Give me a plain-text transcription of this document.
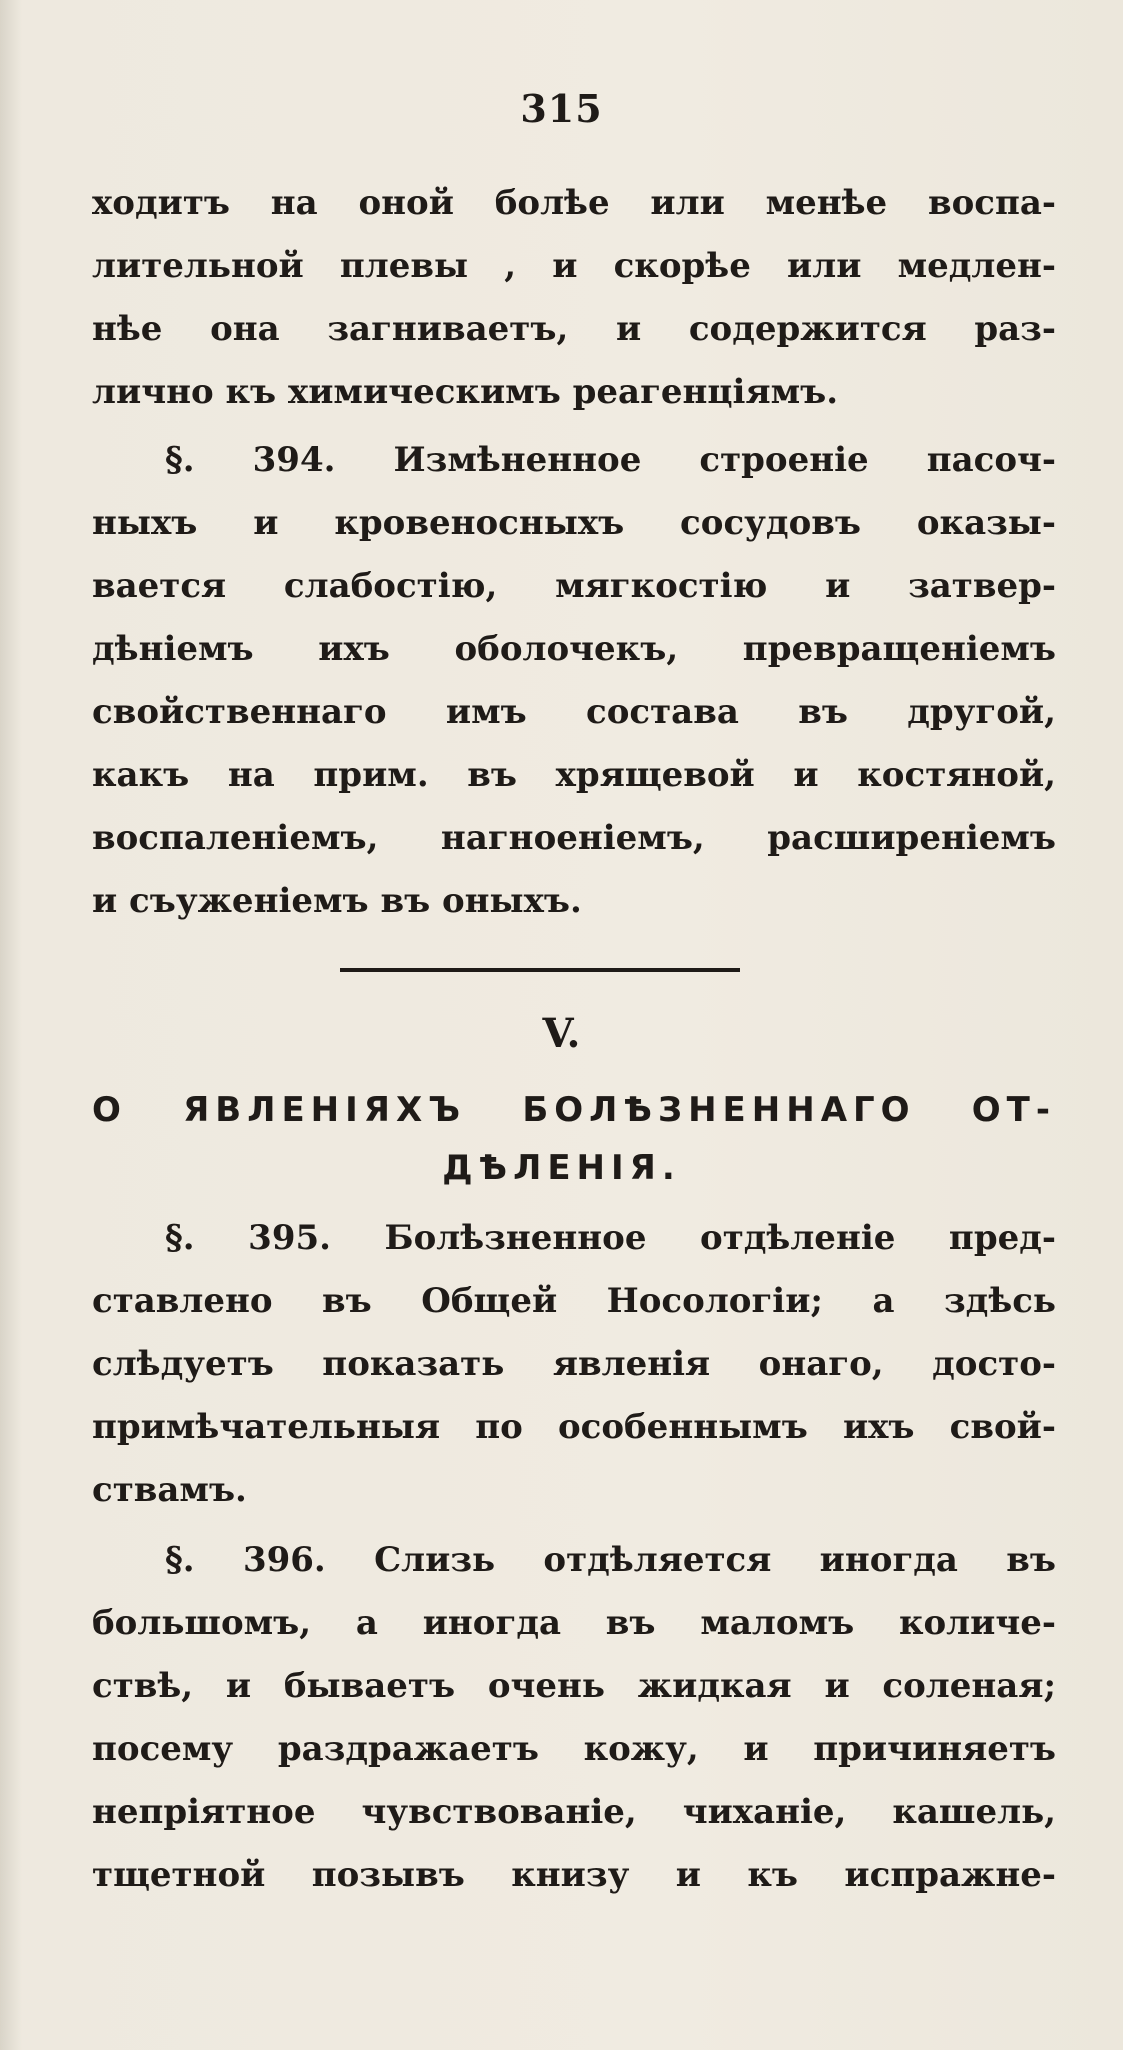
315
ходитъ на оной болѣе или менѣе воспа-
лительной плевы , и скорѣе или медлен-
нѣе она загниваетъ, и содержится раз-
лично къ химическимъ реагенціямъ.
§. 394. Измѣненное строеніе пасоч-
ныхъ и кровеносныхъ сосудовъ оказы-
вается слабостію, мягкостію и затвер-
дѣніемъ ихъ оболочекъ, превращеніемъ
свойственнаго имъ состава въ другой,
какъ на прим. въ хрящевой и костяной,
воспаленіемъ, нагноеніемъ, расширеніемъ
и съуженіемъ въ оныхъ.
V.
О ЯВЛЕНІЯХЪ БОЛѢЗНЕННАГО ОТ-
ДѢЛЕНІЯ.
§. 395. Болѣзненное отдѣленіе пред-
ставлено въ Общей Носологіи; а здѣсь
слѣдуетъ показать явленія онаго, досто-
примѣчательныя по особеннымъ ихъ свой-
ствамъ.
§. 396. Слизь отдѣляется иногда въ
большомъ, а иногда въ маломъ количе-
ствѣ, и бываетъ очень жидкая и соленая;
посему раздражаетъ кожу, и причиняетъ
непріятное чувствованіе, чиханіе, кашель,
тщетной позывъ книзу и къ испражне-
